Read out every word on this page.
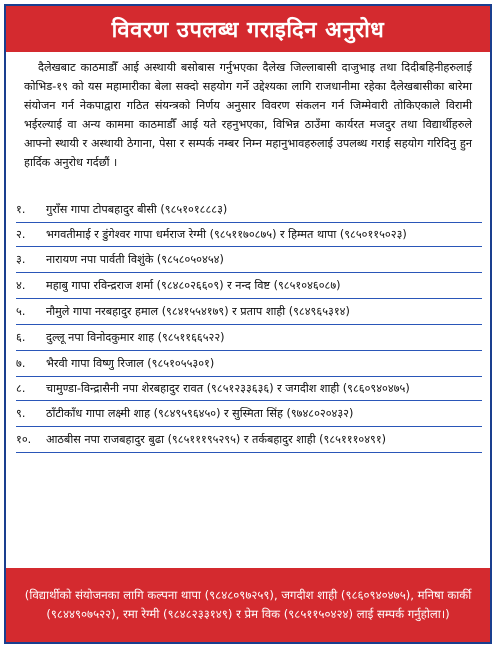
विवरण उपलब्ध गराइदिन अनुरोध
दैलेखबाट काठमाडौँ आई अस्थायी बसोबास गर्नुभएका दैलेख जिल्लाबासी दाजुभाइ तथा दिदीबहिनीहरुलाई कोभिड-१९ को यस महामारीका बेला सक्दो सहयोग गर्ने उद्देश्यका लागि राजधानीमा रहेका दैलेखबासीका बारेमा संयोजन गर्न नेकपाद्वारा गठित संयन्त्रको निर्णय अनुसार विवरण संकलन गर्न जिम्मेवारी तोकिएकाले विरामी भईरल्याई वा अन्य काममा काठमाडौँ आई यते रहनुभएका, विभिन्न ठाउँमा कार्यरत मजदुर तथा विद्यार्थीहरुले आफ्नो स्थायी र अस्थायी ठेगाना, पेसा र सम्पर्क नम्बर निम्न महानुभावहरुलाई उपलब्ध गराई सहयोग गरिदिनु हुन हार्दिक अनुरोध गर्दछौं ।
१.	गुराँस गापा टोपबहादुर बीसी (९८५१०१८८८३)
२.	भगवतीमाई र डुंगेश्वर गापा धर्मराज रेग्मी (९८५११७०८७५) र हिम्मत थापा (९८५०११५०२३)
३.	नारायण नपा पार्वती विशुंके (९८५८०५०४५४)
४.	महाबु गापा रविन्द्रराज शर्मा (९८४८०२६६०९) र नन्द विष्ट (९८५१०४६०८७)
५.	नौमुले गापा नरबहादुर हमाल (९८४१५५४१७९) र प्रताप शाही (९८४९६५३१४)
६.	दुल्लू नपा विनोदकुमार शाह (९८५११६६५२२)
७.	भैरवी गापा विष्णु रिजाल (९८५१०५५३०१)
८.	चामुण्डा-विन्द्रासैनी नपा शेरबहादुर रावत (९८५१२३३६३६) र जगदीश शाही (९८६०९४०४७५)
९.	ठाँटीकाँध गापा लक्ष्मी शाह (९८४९५९६४५०) र सुस्मिता सिंह (९७४८०२०४३२)
१०.	आठबीस नपा राजबहादुर बुढा (९८५१११९५२९५) र तर्कबहादुर शाही (९८५१११०४९१)
(विद्यार्थीको संयोजनका लागि कल्पना थापा (९८४८०९७२५९), जगदीश शाही (९८६०९४०४७५), मनिषा कार्की (९८४४९०७५२२), रमा रेग्मी (९८४८२३३१४९) र प्रेम विक (९८५११५०४२४) लाई सम्पर्क गर्नुहोला।)
